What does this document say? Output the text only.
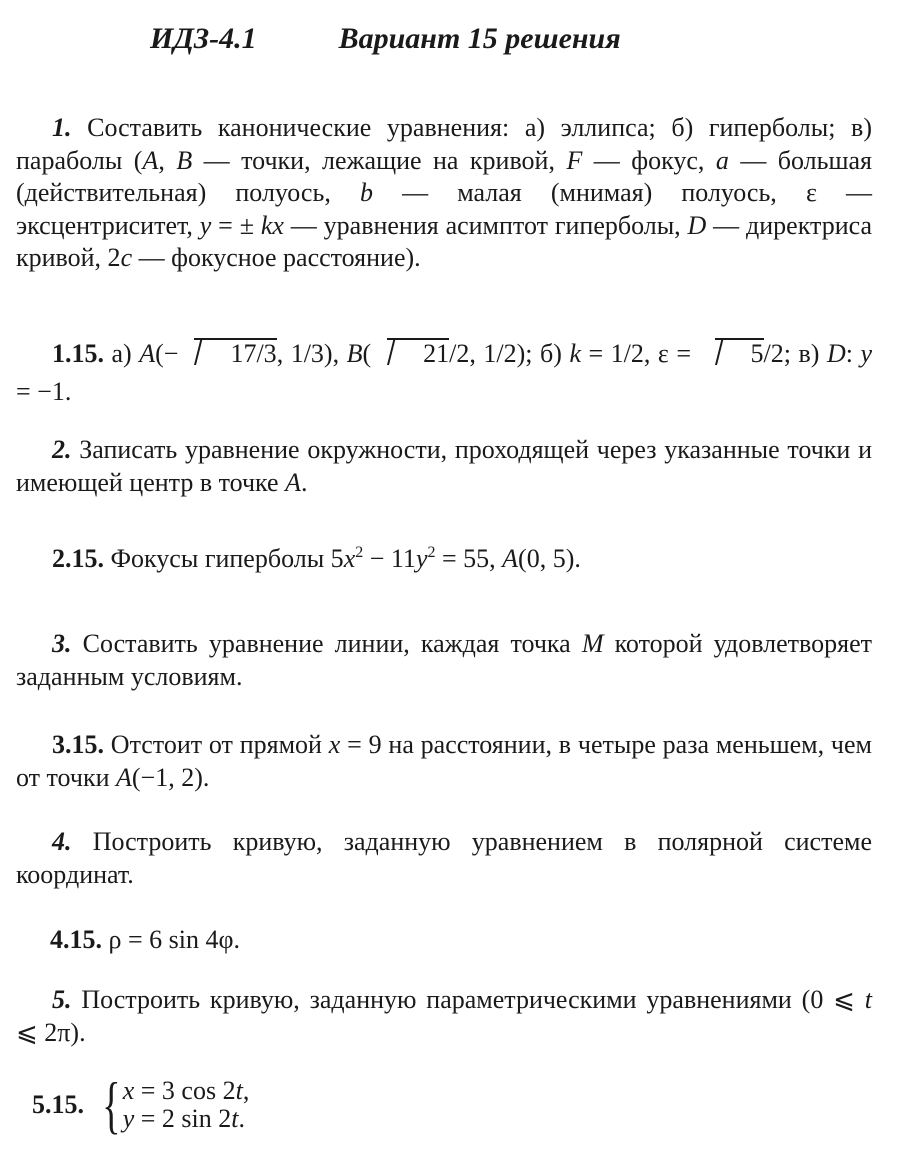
ИДЗ-4.1	Вариант 15 решения
1. Составить канонические уравнения: а) эллипса; б) гиперболы; в) параболы (A, B — точки, лежащие на кривой, F — фокус, a — большая (действительная) полуось, b — малая (мнимая) полуось, ε — эксцентриситет, y = ± kx — уравнения асимптот гиперболы, D — директриса кривой, 2c — фокусное расстояние).
1.15. а) A(− 17/3, 1/3), B( 21/2, 1/2); б) k = 1/2, ε = 5/2; в) D: y = −1.
2. Записать уравнение окружности, проходящей через указанные точки и имеющей центр в точке A.
2.15. Фокусы гиперболы $5x^2 - 11y^2 = 55$, A(0, 5).
3. Составить уравнение линии, каждая точка M которой удовлетворяет заданным условиям.
3.15. Отстоит от прямой x = 9 на расстоянии, в четыре раза меньшем, чем от точки A(−1, 2).
4. Построить кривую, заданную уравнением в полярной системе координат.
4.15. ρ = 6 sin 4φ.
5. Построить кривую, заданную параметрическими уравнениями (0 ⩽ t ⩽ 2π).
5.15. {x = 3 cos 2t,
y = 2 sin 2t.
